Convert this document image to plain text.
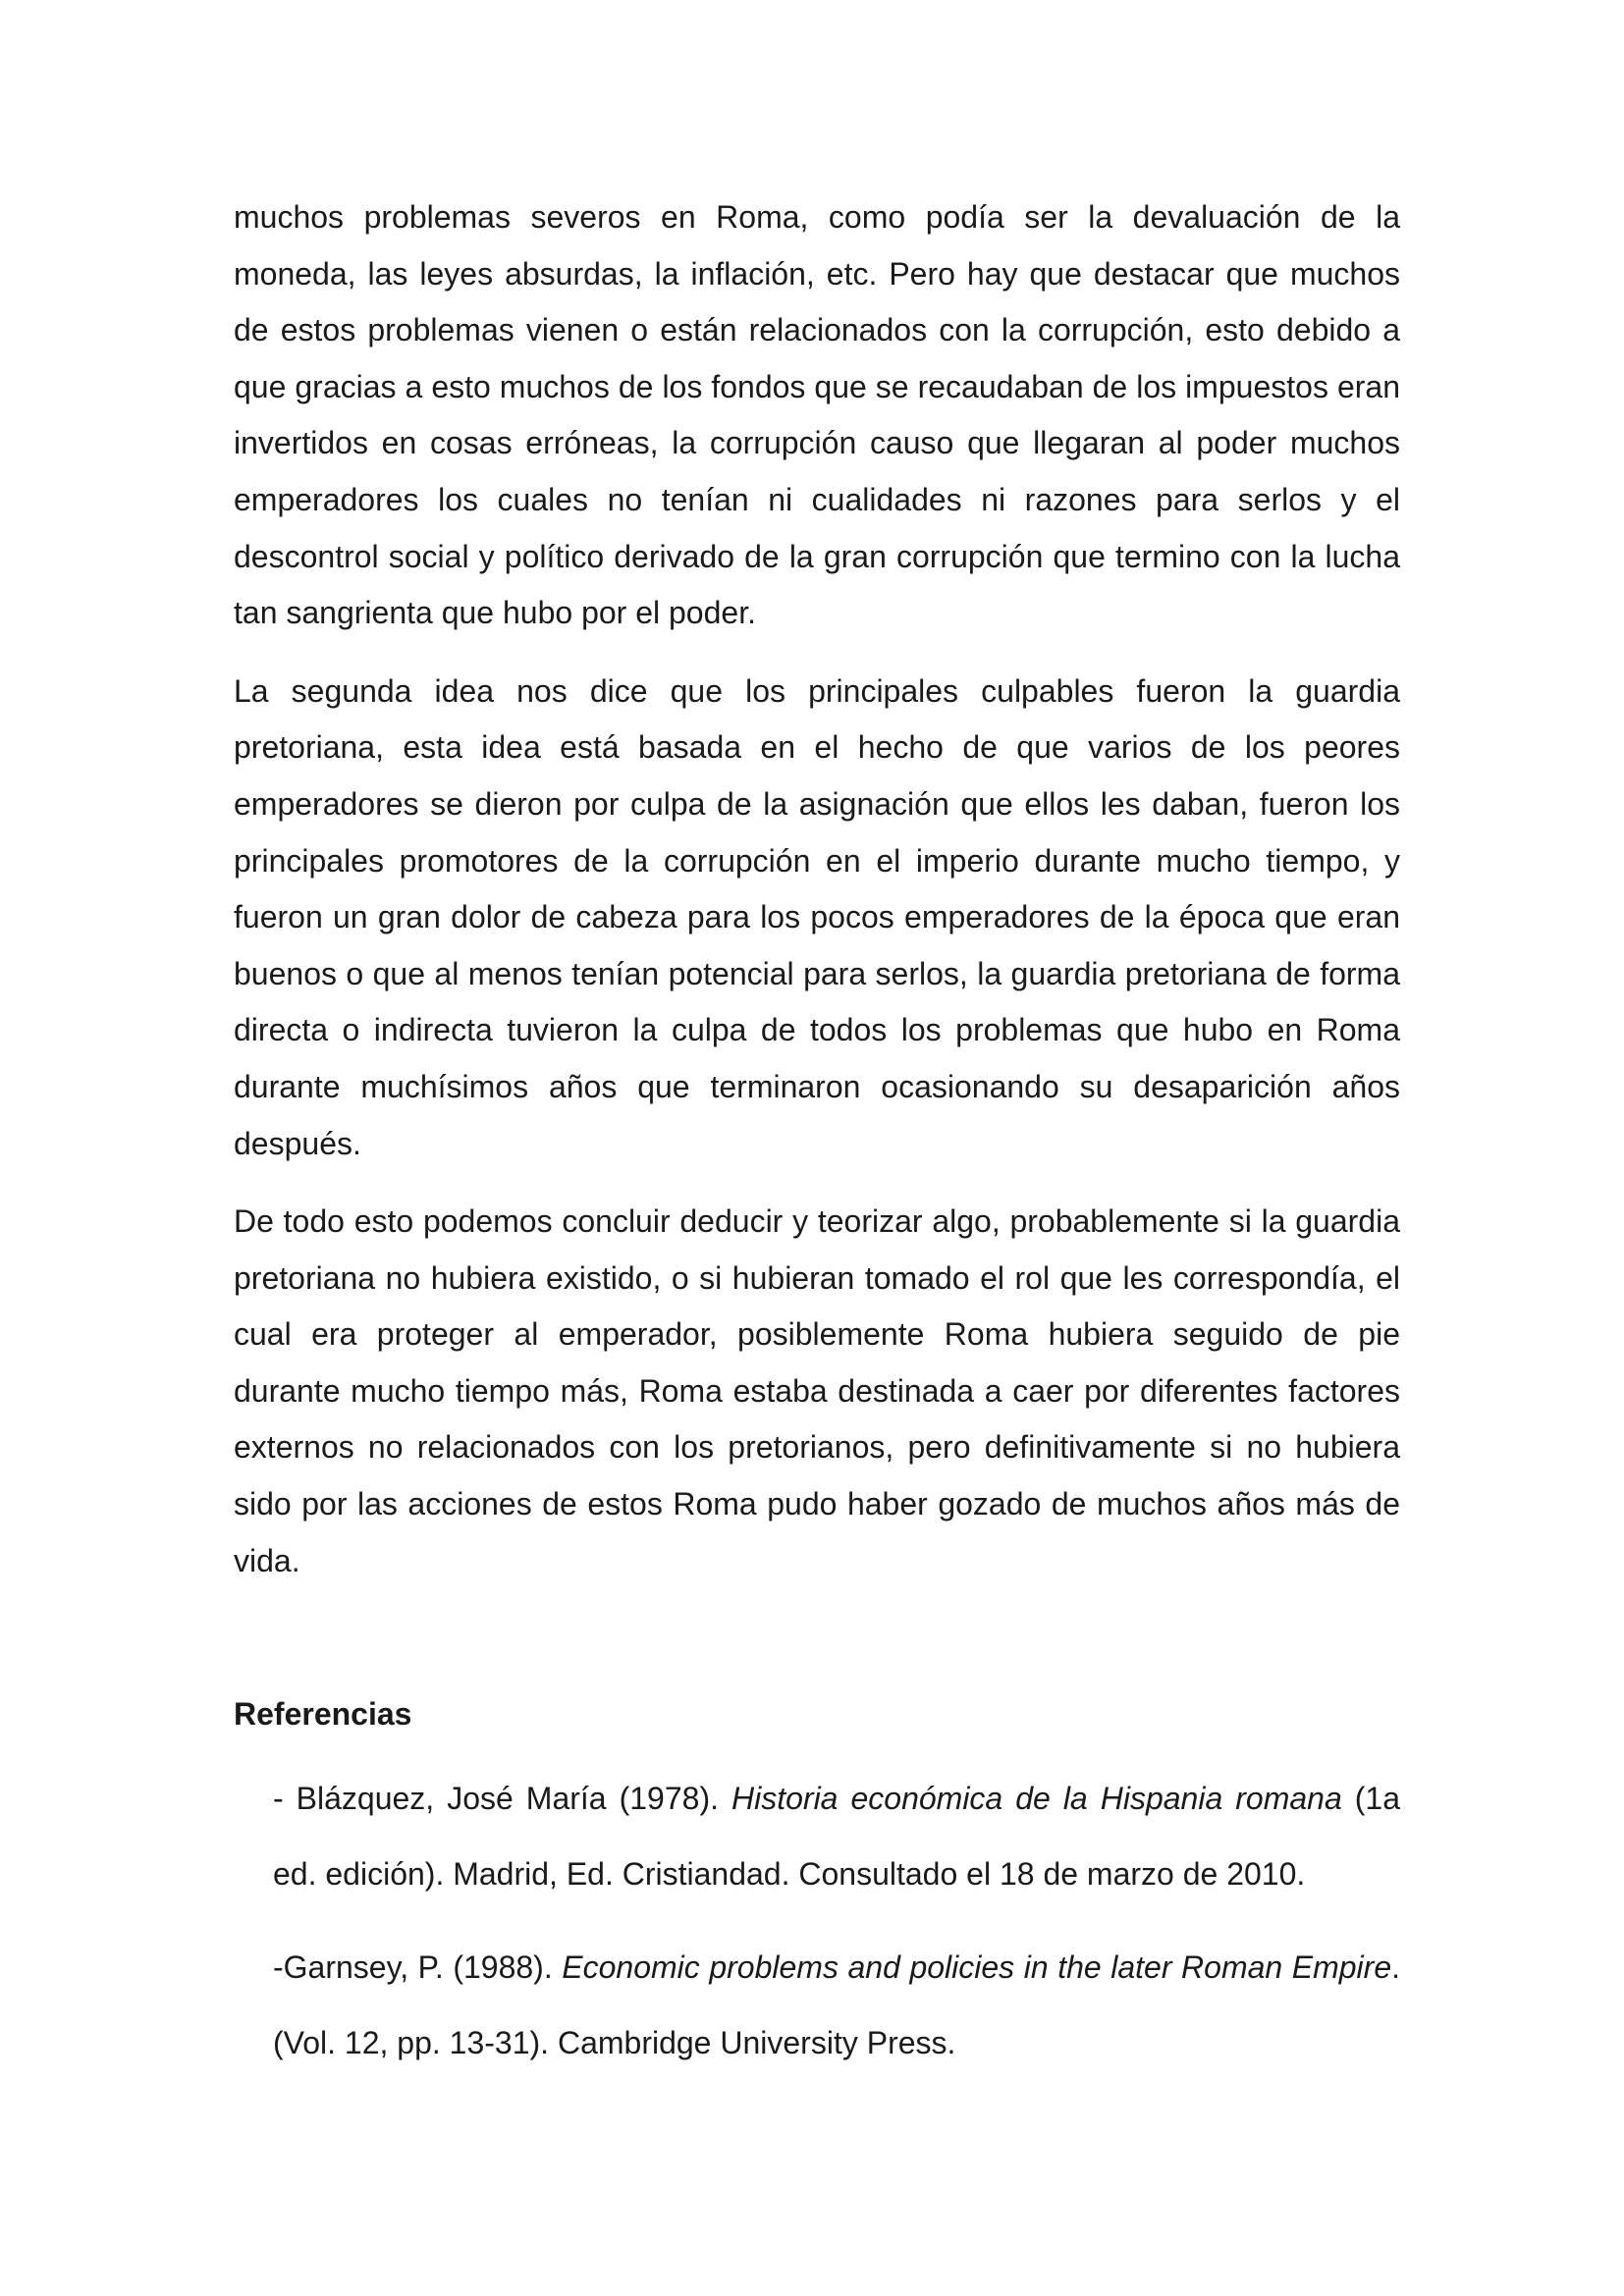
muchos problemas severos en Roma, como podía ser la devaluación de la moneda, las leyes absurdas, la inflación, etc. Pero hay que destacar que muchos de estos problemas vienen o están relacionados con la corrupción, esto debido a que gracias a esto muchos de los fondos que se recaudaban de los impuestos eran invertidos en cosas erróneas, la corrupción causo que llegaran al poder muchos emperadores los cuales no tenían ni cualidades ni razones para serlos y el descontrol social y político derivado de la gran corrupción que termino con la lucha tan sangrienta que hubo por el poder.

La segunda idea nos dice que los principales culpables fueron la guardia pretoriana, esta idea está basada en el hecho de que varios de los peores emperadores se dieron por culpa de la asignación que ellos les daban, fueron los principales promotores de la corrupción en el imperio durante mucho tiempo, y fueron un gran dolor de cabeza para los pocos emperadores de la época que eran buenos o que al menos tenían potencial para serlos, la guardia pretoriana de forma directa o indirecta tuvieron la culpa de todos los problemas que hubo en Roma durante muchísimos años que terminaron ocasionando su desaparición años después.

De todo esto podemos concluir deducir y teorizar algo, probablemente si la guardia pretoriana no hubiera existido, o si hubieran tomado el rol que les correspondía, el cual era proteger al emperador, posiblemente Roma hubiera seguido de pie durante mucho tiempo más, Roma estaba destinada a caer por diferentes factores externos no relacionados con los pretorianos, pero definitivamente si no hubiera sido por las acciones de estos Roma pudo haber gozado de muchos años más de vida.

Referencias
- Blázquez, José María (1978). Historia económica de la Hispania romana (1a ed. edición). Madrid, Ed. Cristiandad. Consultado el 18 de marzo de 2010.
-Garnsey, P. (1988). Economic problems and policies in the later Roman Empire. (Vol. 12, pp. 13-31). Cambridge University Press.
